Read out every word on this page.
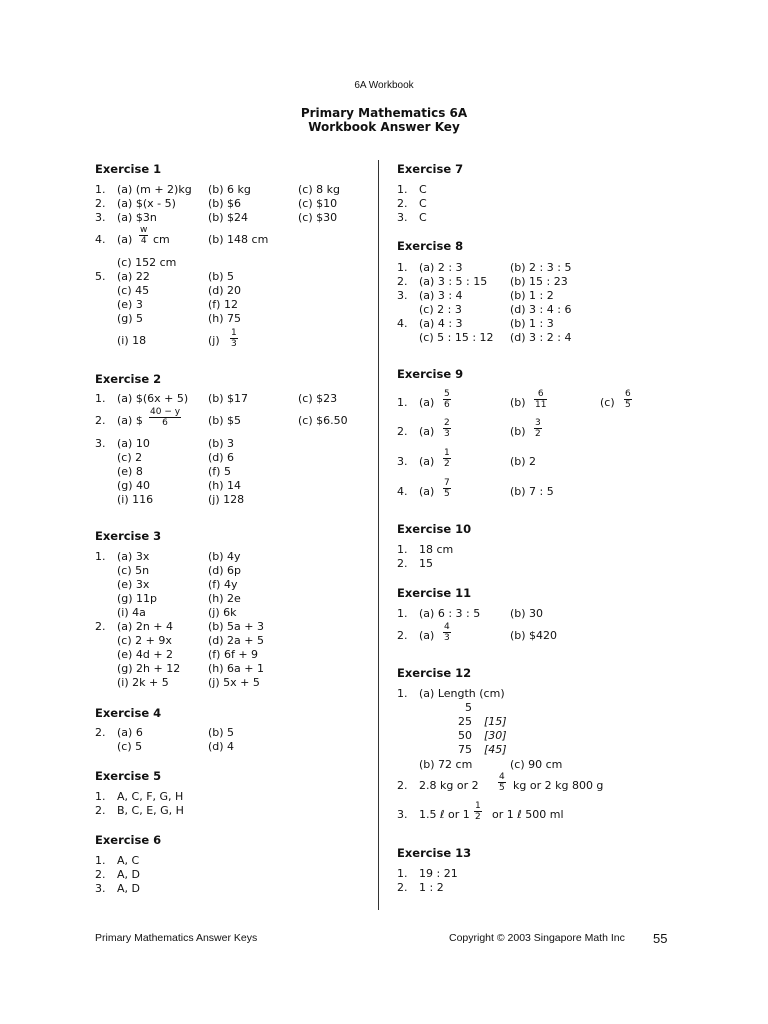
6A Workbook
Primary Mathematics 6A
Workbook Answer Key
Exercise 1
1. (a) (m + 2)kg (b) 6 kg	(c) 8 kg
2. (a) $(x - 5)	(b) $6	(c) $10
3. (a) $3n	(b) $24	(c) $30
4. $(a) \frac{w}{4}$ cm	(b) 148 cm
(c) 152 cm
5. (a) 22	(b) 5
(c) 45	(d) 20
(e) 3	(f) 12
(g) 5	(h) 75
(i) 18	$(j) \frac{1}{3}$
Exercise 2
1. (a) $(6x + 5) (b) $17	(c) $23
2. (a) $ $\frac{40 - y}{6} (b)$ $5	(c) $6.50
3. (a) 10	(b) 3
(c) 2	(d) 6
(e) 8	(f) 5
(g) 40	(h) 14
(i) 116	(j) 128
Exercise 3
1. (a) 3x	(b) 4y
(c) 5n	(d) 6p
(e) 3x	(f) 4y
(g) 11p	(h) 2e
(i) 4a	(j) 6k
2. (a) 2n + 4	(b) 5a + 3
(c) 2 + 9x	(d) 2a + 5
(e) 4d + 2	(f) 6f + 9
(g) 2h + 12	(h) 6a + 1
(i) 2k + 5	(j) 5x + 5
Exercise 4
2. (a) 6	(b) 5
(c) 5	(d) 4
Exercise 5
1. A, C, F, G, H
2. B, C, E, G, H
Exercise 6
1. A, C
2. A, D
3. A, D
Exercise 7
1. C
2. C
3. C
Exercise 8
1. (a) 2 : 3	(b) 2 : 3 : 5
2. (a) 3 : 5 : 15 (b) 15 : 23
3. (a) 3 : 4	(b) 1 : 2
(c) 2 : 3	(d) 3 : 4 : 6
4. (a) 4 : 3	(b) 1 : 3
(c) 5 : 15 : 12 (d) 3 : 2 : 4
Exercise 9
1. $(a) \frac{5}{6}$	$(b) \frac{6}{11}$	$(c) \frac{6}{5}$
2. $(a) \frac{2}{3}$	$(b) \frac{3}{2}$
3. $(a) \frac{1}{2}$	(b) 2
4. $(a) \frac{7}{5}$	(b) 7 : 5
Exercise 10
1. 18 cm
2. 15
Exercise 11
1. (a) 6 : 3 : 5	(b) 30
2. $(a) \frac{4}{3}$	(b) $420
Exercise 12
1. (a) Length (cm)
5
25 [15]
50 [30]
75 [45]
(b) 72 cm	(c) 90 cm
2. 2.8 kg or $2 \frac{4}{5}$ kg or 2 kg 800 g
3. 1.5 ℓ or $1 \frac{1}{2}$ or 1 ℓ 500 ml
Exercise 13
1. 19 : 21
2. 1 : 2
Primary Mathematics Answer Keys	Copyright © 2003 Singapore Math Inc 55
